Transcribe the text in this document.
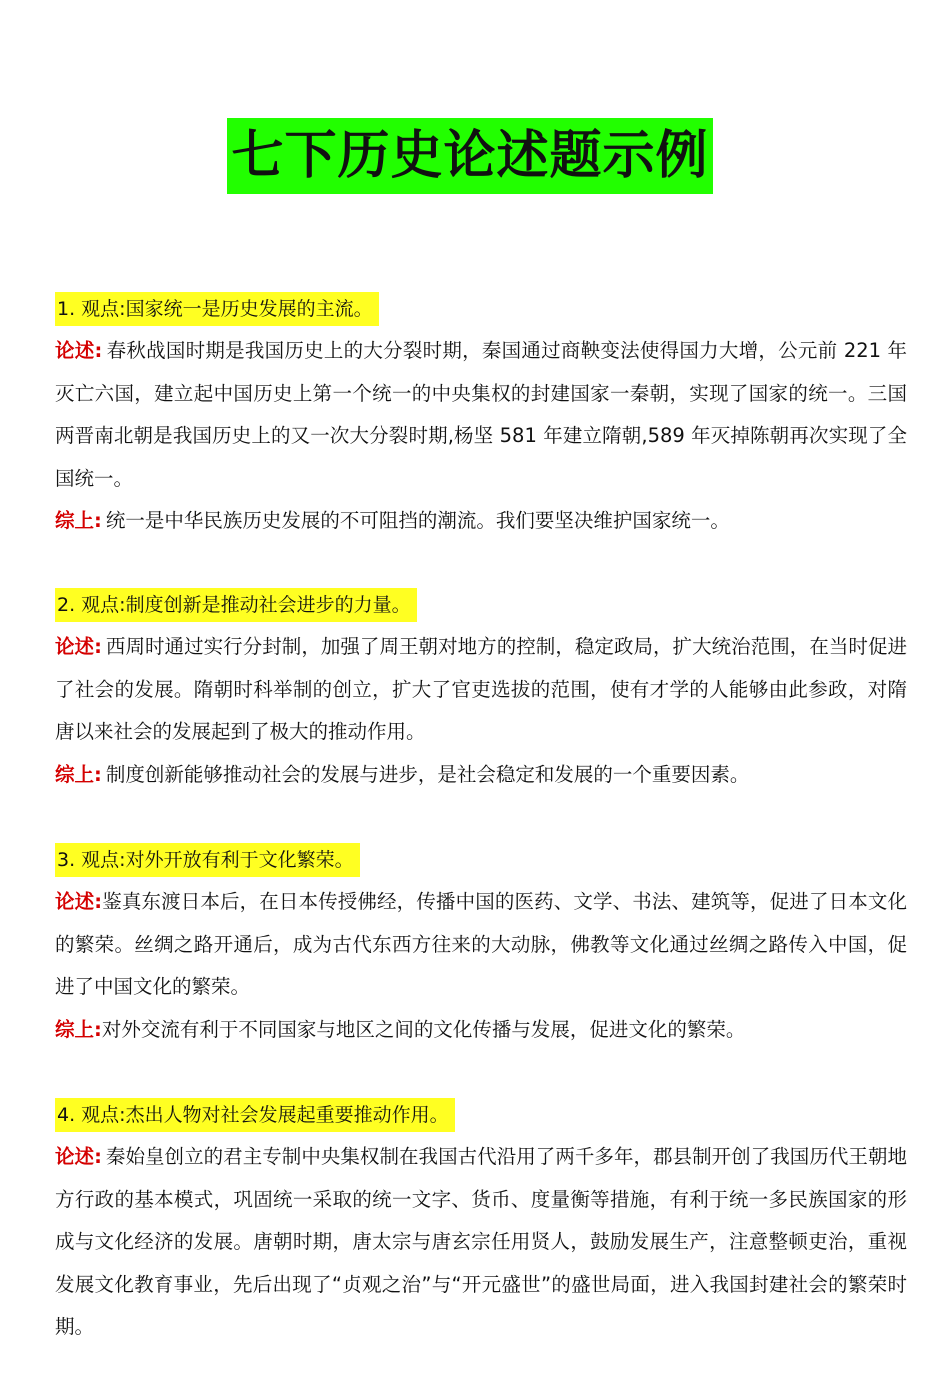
七下历史论述题示例
1. 观点:国家统一是历史发展的主流。

论述: 春秋战国时期是我国历史上的大分裂时期，秦国通过商鞅变法使得国力大增，公元前 221 年灭亡六国，建立起中国历史上第一个统一的中央集权的封建国家一秦朝，实现了国家的统一。三国两晋南北朝是我国历史上的又一次大分裂时期,杨坚 581 年建立隋朝,589 年灭掉陈朝再次实现了全国统一。

综上: 统一是中华民族历史发展的不可阻挡的潮流。我们要坚决维护国家统一。

2. 观点:制度创新是推动社会进步的力量。

论述: 西周时通过实行分封制，加强了周王朝对地方的控制，稳定政局，扩大统治范围，在当时促进了社会的发展。隋朝时科举制的创立，扩大了官吏选拔的范围，使有才学的人能够由此参政，对隋唐以来社会的发展起到了极大的推动作用。

综上: 制度创新能够推动社会的发展与进步，是社会稳定和发展的一个重要因素。

3. 观点:对外开放有利于文化繁荣。

论述:鉴真东渡日本后，在日本传授佛经，传播中国的医药、文学、书法、建筑等，促进了日本文化的繁荣。丝绸之路开通后，成为古代东西方往来的大动脉，佛教等文化通过丝绸之路传入中国，促进了中国文化的繁荣。

综上:对外交流有利于不同国家与地区之间的文化传播与发展，促进文化的繁荣。

4. 观点:杰出人物对社会发展起重要推动作用。

论述: 秦始皇创立的君主专制中央集权制在我国古代沿用了两千多年，郡县制开创了我国历代王朝地方行政的基本模式，巩固统一采取的统一文字、货币、度量衡等措施，有利于统一多民族国家的形成与文化经济的发展。唐朝时期，唐太宗与唐玄宗任用贤人，鼓励发展生产，注意整顿吏治，重视发展文化教育事业，先后出现了“贞观之治”与“开元盛世”的盛世局面，进入我国封建社会的繁荣时期。
